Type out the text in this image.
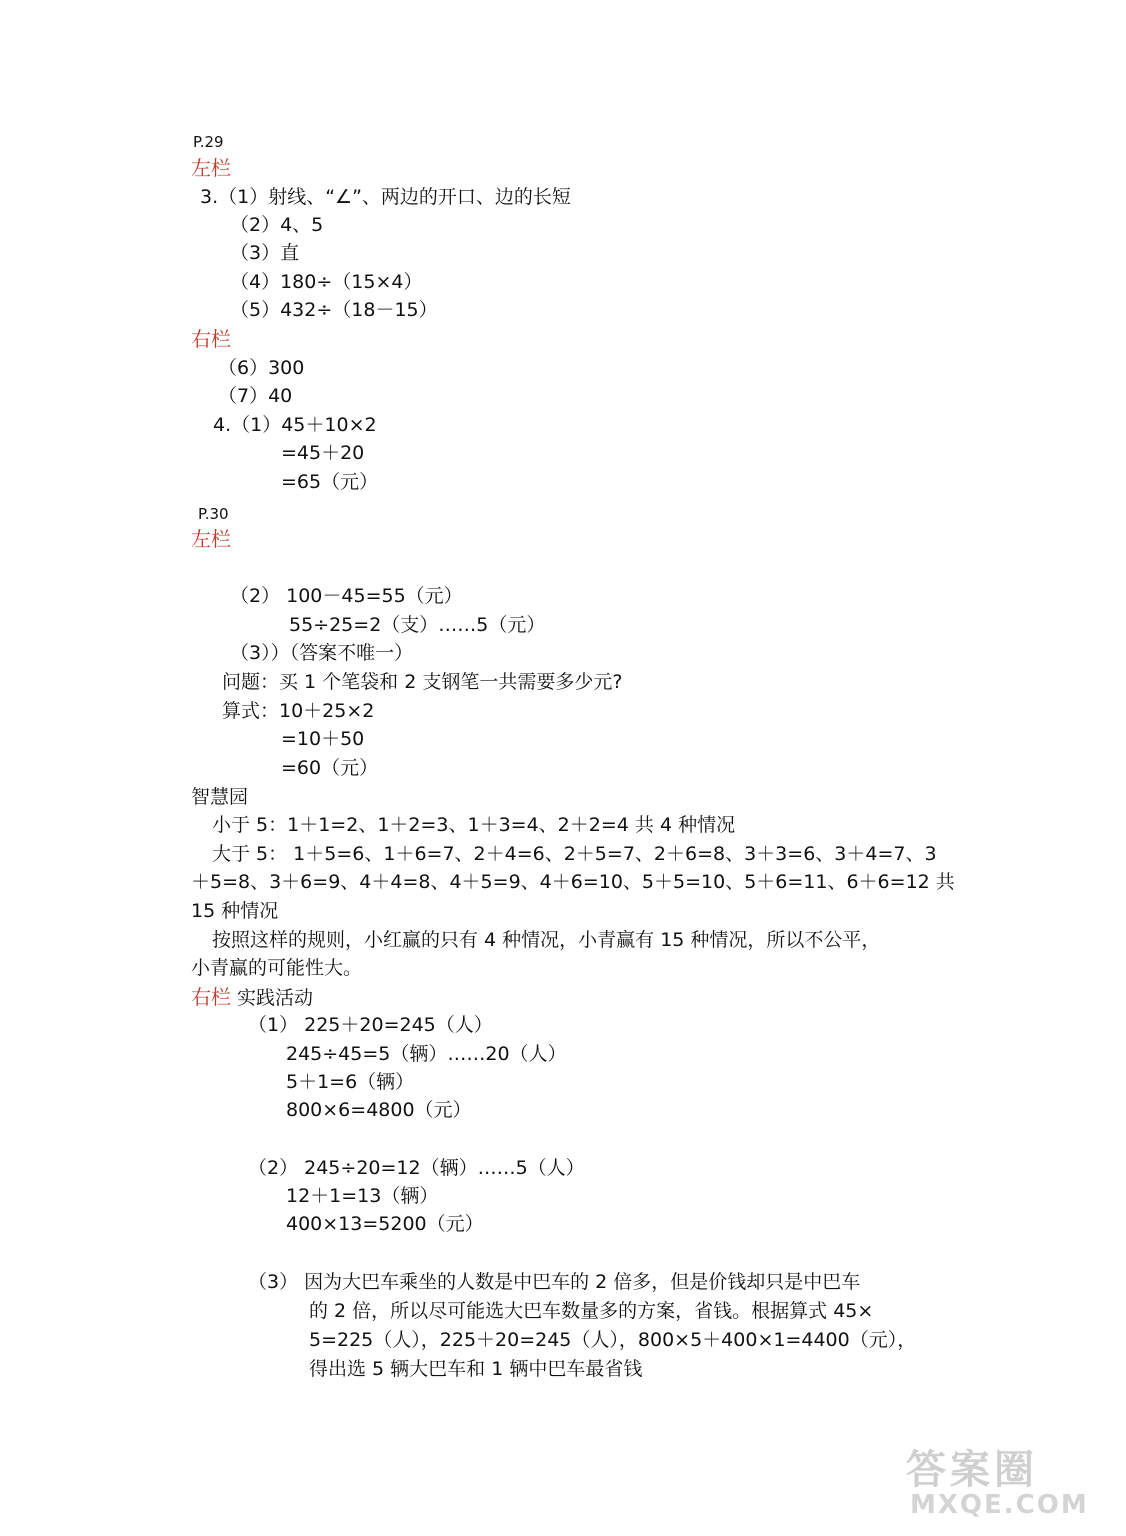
P.29
左栏
3.（1）射线、“∠”、两边的开口、边的长短
（2）4、5
（3）直
（4）180÷（15×4）
（5）432÷（18－15）
右栏
（6）300
（7）40
4.（1）45＋10×2
=45＋20
=65（元）
P.30
左栏
（2） 100－45=55（元）
55÷25=2（支）……5（元）
（3））（答案不唯一）
问题：买 1 个笔袋和 2 支钢笔一共需要多少元?
算式：10＋25×2
=10＋50
=60（元）
智慧园
小于 5：1＋1=2、1＋2=3、1＋3=4、2＋2=4 共 4 种情况
大于 5： 1＋5=6、1＋6=7、2＋4=6、2＋5=7、2＋6=8、3＋3=6、3＋4=7、3
＋5=8、3＋6=9、4＋4=8、4＋5=9、4＋6=10、5＋5=10、5＋6=11、6＋6=12 共
15 种情况
按照这样的规则，小红赢的只有 4 种情况，小青赢有 15 种情况，所以不公平，
小青赢的可能性大。
右栏 实践活动
（1） 225＋20=245（人）
245÷45=5（辆）……20（人）
5＋1=6（辆）
800×6=4800（元）
（2） 245÷20=12（辆）……5（人）
12＋1=13（辆）
400×13=5200（元）
（3） 因为大巴车乘坐的人数是中巴车的 2 倍多，但是价钱却只是中巴车
的 2 倍，所以尽可能选大巴车数量多的方案，省钱。根据算式 45×
5=225（人），225＋20=245（人），800×5＋400×1=4400（元），
得出选 5 辆大巴车和 1 辆中巴车最省钱
答案圈
MXQE.COM
